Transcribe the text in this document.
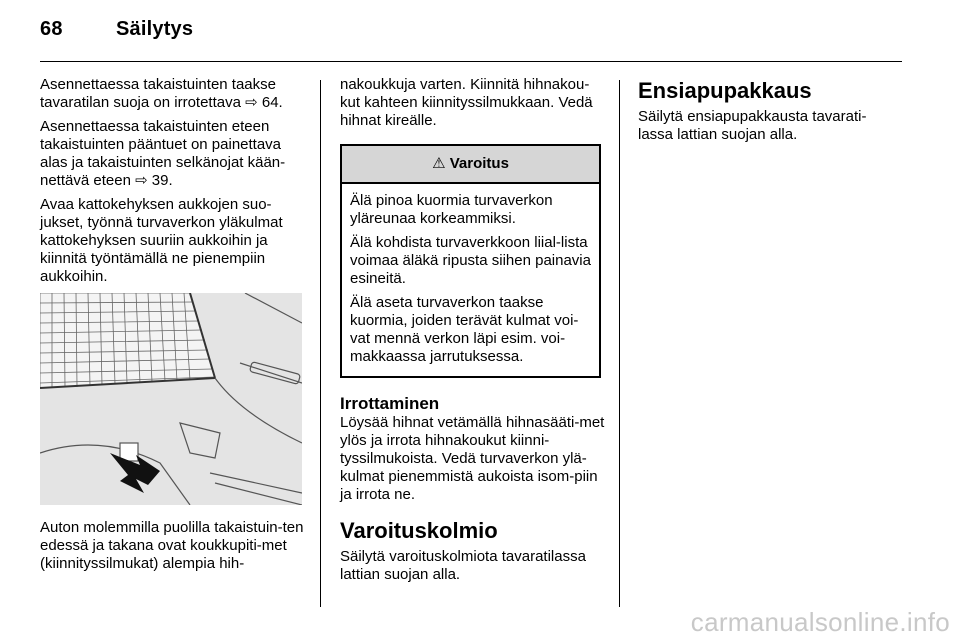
68	Säilytys

Asennettaessa takaistuinten taakse tavaratilan suoja on irrotettava ⇨ 64.

Asennettaessa takaistuinten eteen takaistuinten pääntuet on painettava alas ja takaistuinten selkänojat kään-nettävä eteen ⇨ 39.

Avaa kattokehyksen aukkojen suo-jukset, työnnä turvaverkon yläkulmat kattokehyksen suuriin aukkoihin ja kiinnitä työntämällä ne pienempiin aukkoihin.

Auton molemmilla puolilla takaistuin-ten edessä ja takana ovat koukkupiti-met (kiinnityssilmukat) alempia hih-

nakoukkuja varten. Kiinnitä hihnakou-kut kahteen kiinnityssilmukkaan. Vedä hihnat kireälle.

⚠ Varoitus

Älä pinoa kuormia turvaverkon yläreunaa korkeammiksi.

Älä kohdista turvaverkkoon liial-lista voimaa äläkä ripusta siihen painavia esineitä.

Älä aseta turvaverkon taakse kuormia, joiden terävät kulmat voi-vat mennä verkon läpi esim. voi-makkaassa jarrutuksessa.

Irrottaminen

Löysää hihnat vetämällä hihnasääti-met ylös ja irrota hihnakoukut kiinni-tyssilmukoista. Vedä turvaverkon ylä-kulmat pienemmistä aukoista isom-piin ja irrota ne.

Varoituskolmio

Säilytä varoituskolmiota tavaratilassa lattian suojan alla.

Ensiapupakkaus

Säilytä ensiapupakkausta tavarati-lassa lattian suojan alla.

carmanualsonline.info
